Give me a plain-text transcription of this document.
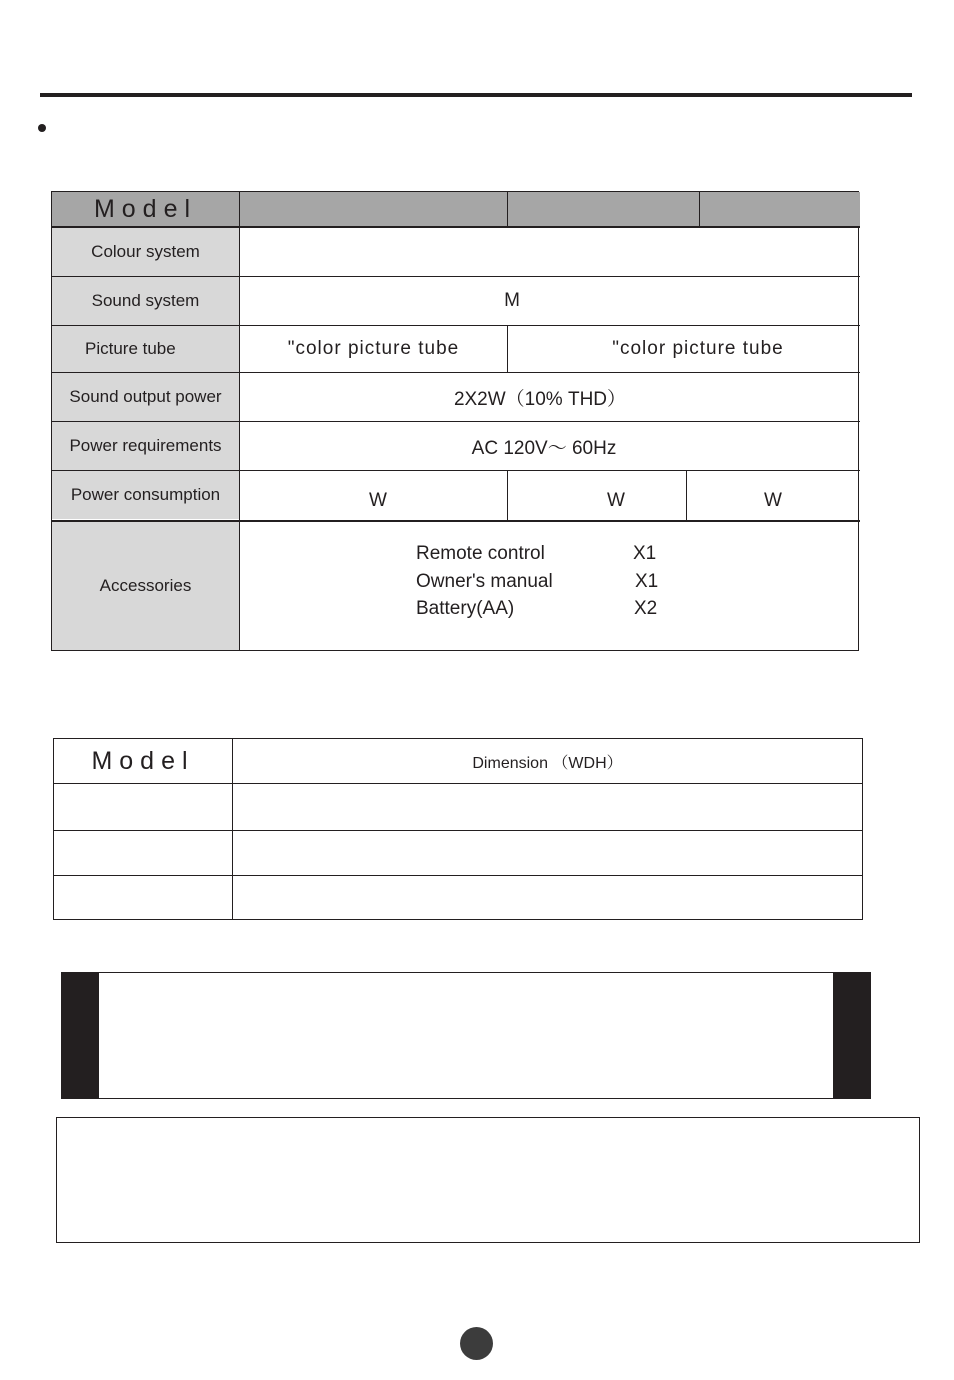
Model
Colour system
Sound system	M
Picture tube	"color picture tube	"color picture tube
Sound output power	2X2W（10% THD）
Power requirements	AC 120V～ 60Hz
Power consumption	W	W	W
Accessories
Remote control	X1
Owner's manual	X1
Battery(AA)	X2
Model	Dimension （WDH）
